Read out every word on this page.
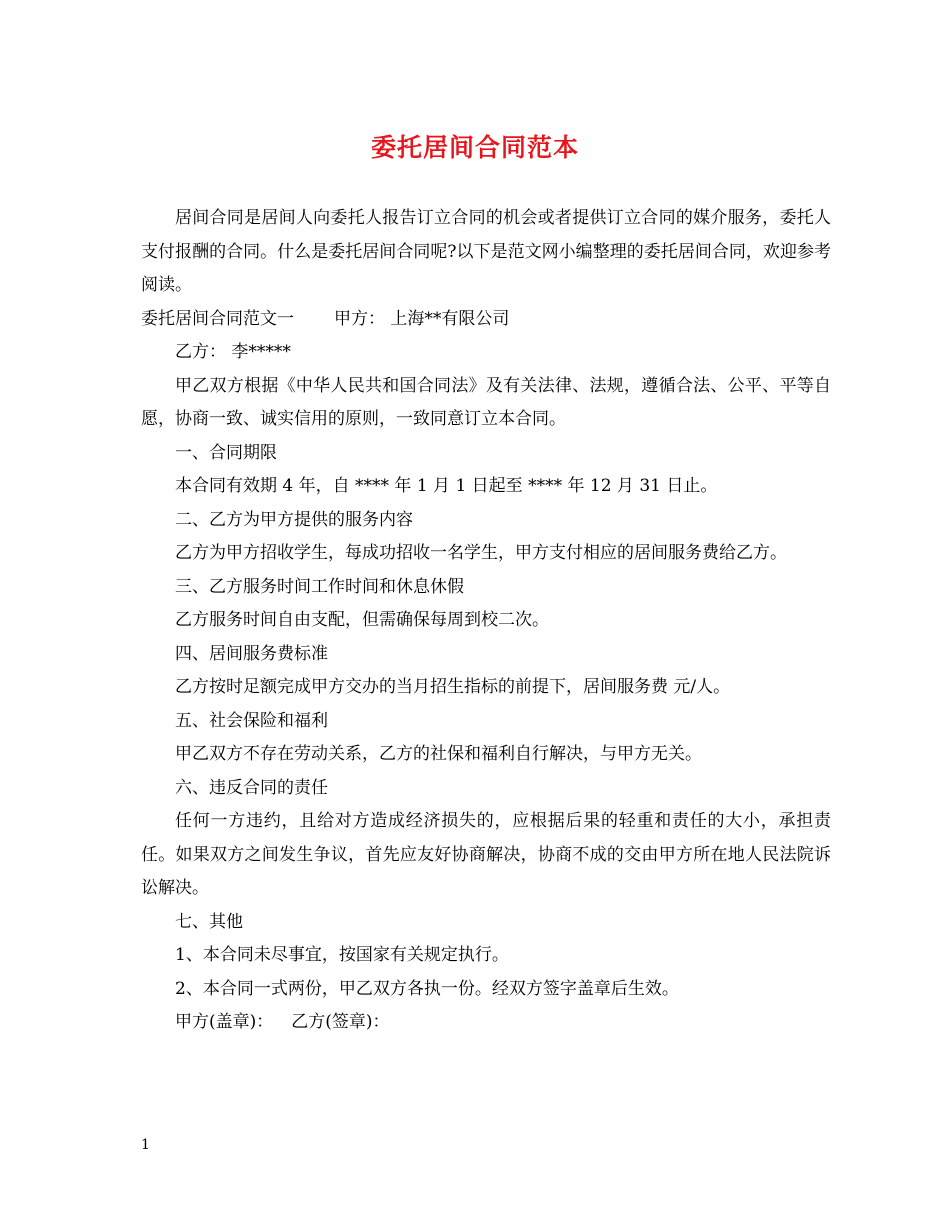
委托居间合同范本

居间合同是居间人向委托人报告订立合同的机会或者提供订立合同的媒介服务，委托人支付报酬的合同。什么是委托居间合同呢?以下是范文网小编整理的委托居间合同，欢迎参考阅读。

委托居间合同范文一 甲方： 上海**有限公司

乙方： 李*****

甲乙双方根据《中华人民共和国合同法》及有关法律、法规，遵循合法、公平、平等自愿，协商一致、诚实信用的原则，一致同意订立本合同。

一、合同期限

本合同有效期 4 年，自 **** 年 1 月 1 日起至 **** 年 12 月 31 日止。

二、乙方为甲方提供的服务内容

乙方为甲方招收学生，每成功招收一名学生，甲方支付相应的居间服务费给乙方。

三、乙方服务时间工作时间和休息休假

乙方服务时间自由支配，但需确保每周到校二次。

四、居间服务费标准

乙方按时足额完成甲方交办的当月招生指标的前提下，居间服务费 元/人。

五、社会保险和福利

甲乙双方不存在劳动关系，乙方的社保和福利自行解决，与甲方无关。

六、违反合同的责任

任何一方违约，且给对方造成经济损失的，应根据后果的轻重和责任的大小，承担责任。如果双方之间发生争议，首先应友好协商解决，协商不成的交由甲方所在地人民法院诉讼解决。

七、其他

1、本合同未尽事宜，按国家有关规定执行。

2、本合同一式两份，甲乙双方各执一份。经双方签字盖章后生效。

甲方(盖章)： 乙方(签章)：

1
